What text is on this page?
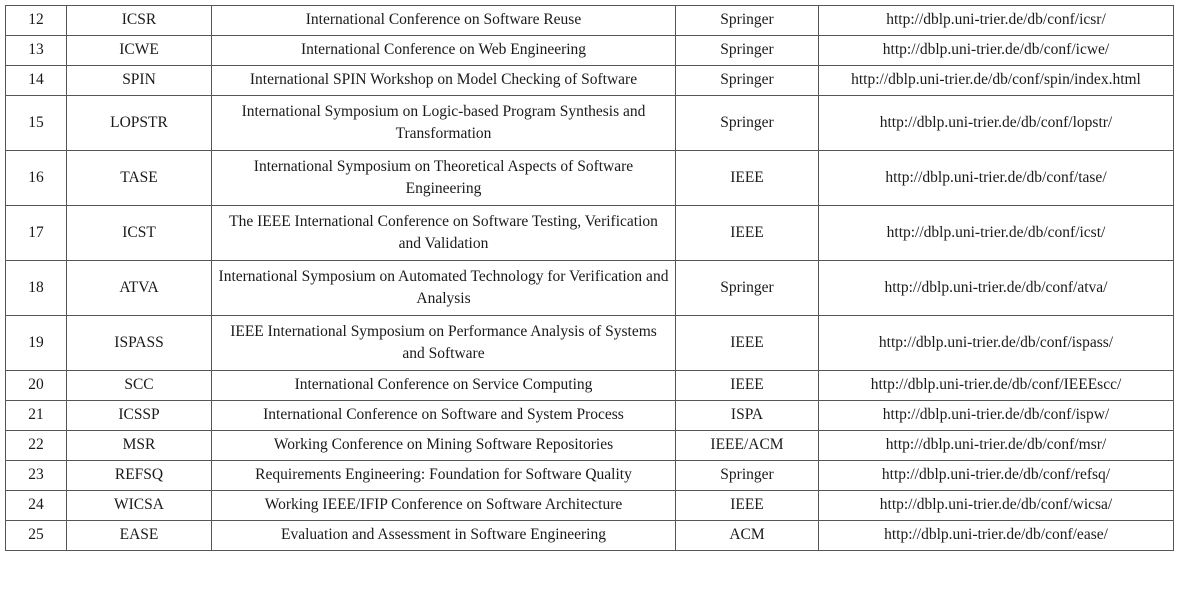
12	ICSR	International Conference on Software Reuse	Springer	http://dblp.uni-trier.de/db/conf/icsr/
13	ICWE	International Conference on Web Engineering	Springer	http://dblp.uni-trier.de/db/conf/icwe/
14	SPIN	International SPIN Workshop on Model Checking of Software	Springer	http://dblp.uni-trier.de/db/conf/spin/index.html
15	LOPSTR	International Symposium on Logic-based Program Synthesis and Transformation	Springer	http://dblp.uni-trier.de/db/conf/lopstr/
16	TASE	International Symposium on Theoretical Aspects of Software Engineering	IEEE	http://dblp.uni-trier.de/db/conf/tase/
17	ICST	The IEEE International Conference on Software Testing, Verification and Validation	IEEE	http://dblp.uni-trier.de/db/conf/icst/
18	ATVA	International Symposium on Automated Technology for Verification and Analysis	Springer	http://dblp.uni-trier.de/db/conf/atva/
19	ISPASS	IEEE International Symposium on Performance Analysis of Systems and Software	IEEE	http://dblp.uni-trier.de/db/conf/ispass/
20	SCC	International Conference on Service Computing	IEEE	http://dblp.uni-trier.de/db/conf/IEEEscc/
21	ICSSP	International Conference on Software and System Process	ISPA	http://dblp.uni-trier.de/db/conf/ispw/
22	MSR	Working Conference on Mining Software Repositories	IEEE/ACM	http://dblp.uni-trier.de/db/conf/msr/
23	REFSQ	Requirements Engineering: Foundation for Software Quality	Springer	http://dblp.uni-trier.de/db/conf/refsq/
24	WICSA	Working IEEE/IFIP Conference on Software Architecture	IEEE	http://dblp.uni-trier.de/db/conf/wicsa/
25	EASE	Evaluation and Assessment in Software Engineering	ACM	http://dblp.uni-trier.de/db/conf/ease/
